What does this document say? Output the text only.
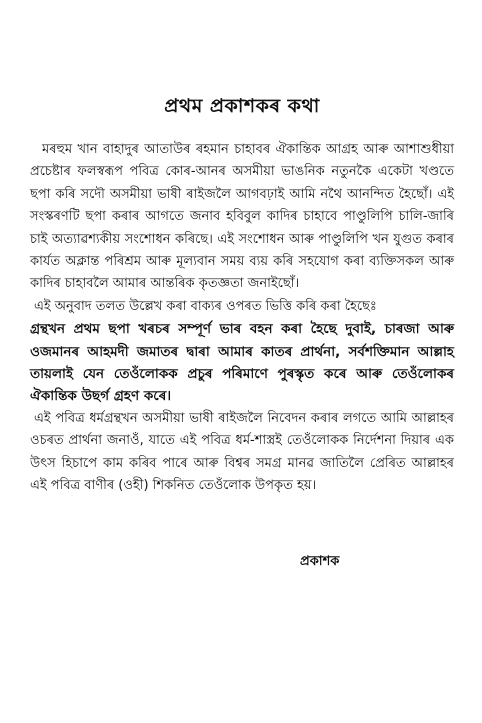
প্ৰথম প্ৰকাশকৰ কথা

মৰহুম খান বাহাদুৰ আতাউৰ ৰহমান চাহাবৰ ঐকান্তিক আগ্ৰহ আৰু আশাশুধীয়া প্ৰচেষ্টাৰ ফলস্বৰূপ পবিত্ৰ কোৰ-আনৰ অসমীয়া ভাঙনিক নতুনকৈ একেটা খণ্ডতে ছপা কৰি সদৌ অসমীয়া ভাষী ৰাইজলৈ আগবঢ়াই আমি নথৈ আনন্দিত হৈছোঁ। এই সংস্কৰণটি ছপা কৰাৰ আগতে জনাব হবিবুল কাদিৰ চাহাবে পাণ্ডুলিপি চালি-জাৰি চাই অত্যাৱশ্যকীয় সংশোধন কৰিছে। এই সংশোধন আৰু পাণ্ডুলিপি খন যুগুত কৰাৰ কাৰ্যত অক্লান্ত পৰিশ্ৰম আৰু মূল্যবান সময় ব্যয় কৰি সহযোগ কৰা ব্যক্তিসকল আৰু কাদিৰ চাহাবলৈ আমাৰ আন্তৰিক কৃতজ্ঞতা জনাইছোঁ।

এই অনুবাদ তলত উল্লেখ কৰা বাক্যৰ ওপৰত ভিত্তি কৰি কৰা হৈছেঃ

গ্ৰন্থখন প্ৰথম ছপা খৰচৰ সম্পূৰ্ণ ভাৰ বহন কৰা হৈছে দুবাই, চাৰজা আৰু ওজমানৰ আহমদী জমাতৰ দ্বাৰা আমাৰ কাতৰ প্ৰাৰ্থনা, সৰ্বশক্তিমান আল্লাহ তায়লাই যেন তেওঁলোকক প্ৰচুৰ পৰিমাণে পুৰস্কৃত কৰে আৰু তেওঁলোকৰ ঐকান্তিক উছৰ্গ গ্ৰহণ কৰে।

এই পবিত্ৰ ধৰ্মগ্ৰন্থখন অসমীয়া ভাষী ৰাইজলৈ নিবেদন কৰাৰ লগতে আমি আল্লাহৰ ওচৰত প্ৰাৰ্থনা জনাওঁ, যাতে এই পবিত্ৰ ধৰ্ম-শাস্ত্ৰই তেওঁলোকক নিৰ্দেশনা দিয়াৰ এক উৎস হিচাপে কাম কৰিব পাৰে আৰু বিশ্বৰ সমগ্ৰ মানৱ জাতিলৈ প্ৰেৰিত আল্লাহৰ এই পবিত্ৰ বাণীৰ (ওহী) শিকনিত তেওঁলোক উপকৃত হয়।

প্ৰকাশক
